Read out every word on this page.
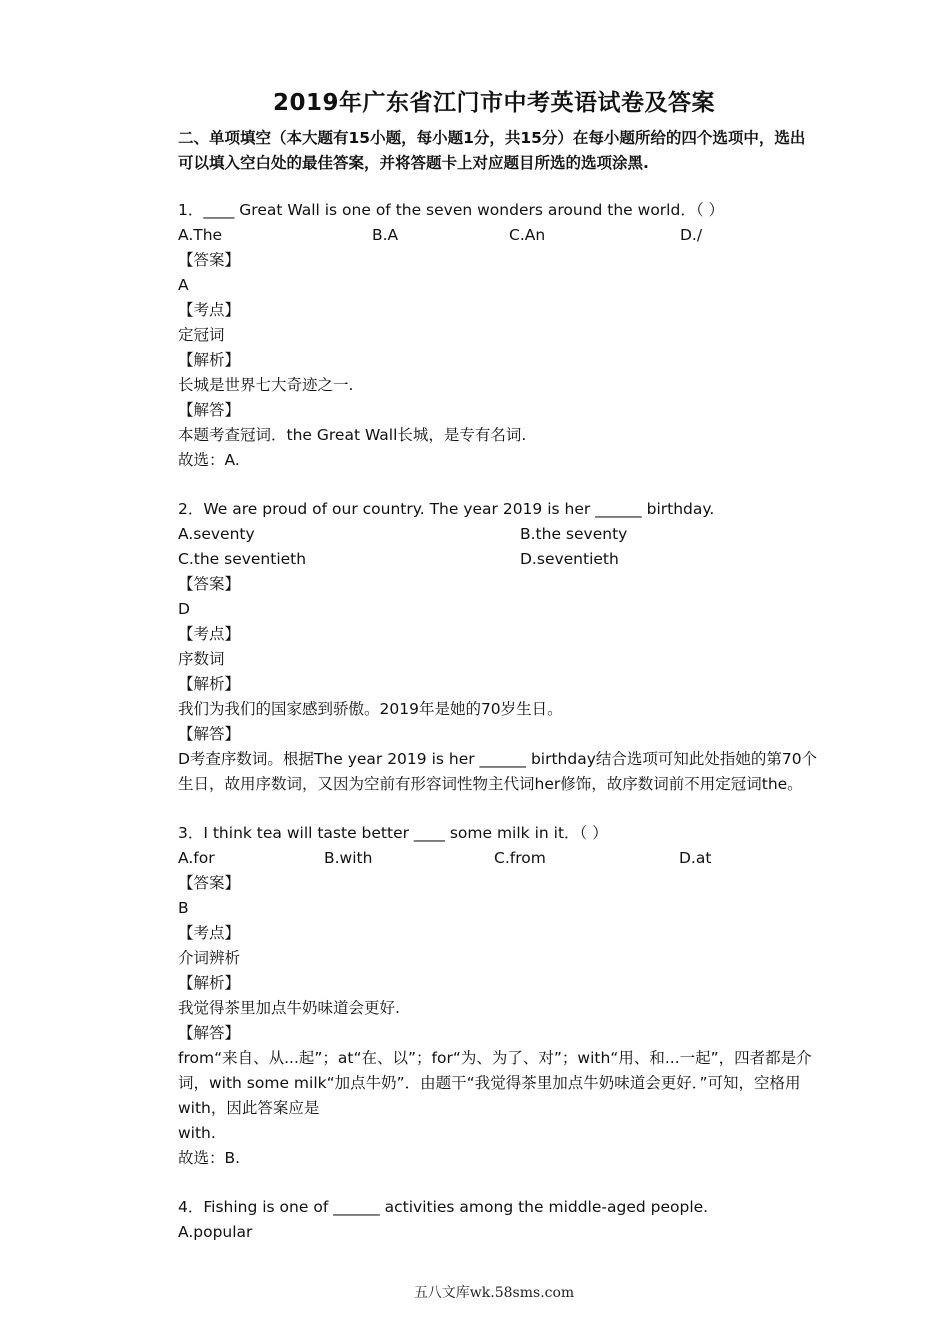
2019年广东省江门市中考英语试卷及答案
二、单项填空（本大题有15小题，每小题1分，共15分）在每小题所给的四个选项中，选出可以填入空白处的最佳答案，并将答题卡上对应题目所选的选项涂黑.
1．____ Great Wall is one of the seven wonders around the world．（ ）
A.The	B.A	C.An	D./
【答案】
A
【考点】
定冠词
【解析】
长城是世界七大奇迹之一.
【解答】
本题考查冠词．the Great Wall长城，是专有名词.
故选：A.
2．We are proud of our country. The year 2019 is her ______ birthday.
A.seventy	B.the seventy
C.the seventieth	D.seventieth
【答案】
D
【考点】
序数词
【解析】
我们为我们的国家感到骄傲。2019年是她的70岁生日。
【解答】
D考查序数词。根据The year 2019 is her ______ birthday结合选项可知此处指她的第70个生日，故用序数词，又因为空前有形容词性物主代词her修饰，故序数词前不用定冠词the。
3．I think tea will taste better ____ some milk in it．（ ）
A.for	B.with	C.from	D.at
【答案】
B
【考点】
介词辨析
【解析】
我觉得茶里加点牛奶味道会更好.
【解答】
from“来自、从...起”；at“在、以”；for“为、为了、对”；with“用、和...一起”，四者都是介词，with some milk“加点牛奶”．由题干“我觉得茶里加点牛奶味道会更好．”可知，空格用with，因此答案应是
with.
故选：B.
4．Fishing is one of ______ activities among the middle-aged people.
A.popular
五八文库wk.58sms.com
